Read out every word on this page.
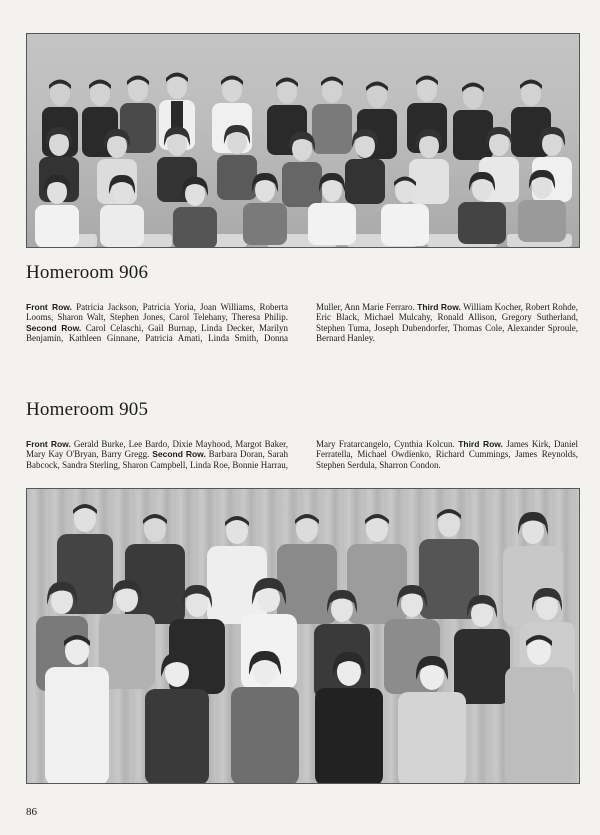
Homeroom 906
Front Row. Patricia Jackson, Patricia Yoria, Joan Williams, Roberta Looms, Sharon Walt, Stephen Jones, Carol Telehany, Theresa Philip. Second Row. Carol Celaschi, Gail Burnap, Linda Decker, Marilyn Benjamin, Kathleen Ginnane, Patricia Amati, Linda Smith, Donna Muller, Ann Marie Ferraro. Third Row. William Kocher, Robert Rohde, Eric Black, Michael Mulcahy, Ronald Allison, Gregory Sutherland, Stephen Tuma, Joseph Dubendorfer, Thomas Cole, Alexander Sproule, Bernard Hanley.
Homeroom 905
Front Row. Gerald Burke, Lee Bardo, Dixie Mayhood, Margot Baker, Mary Kay O'Bryan, Barry Gregg. Second Row. Barbara Doran, Sarah Babcock, Sandra Sterling, Sharon Campbell, Linda Roe, Bonnie Harrau, Mary Fratarcangelo, Cynthia Kolcun. Third Row. James Kirk, Daniel Ferratella, Michael Owdienko, Richard Cummings, James Reynolds, Stephen Serdula, Sharron Condon.
86
